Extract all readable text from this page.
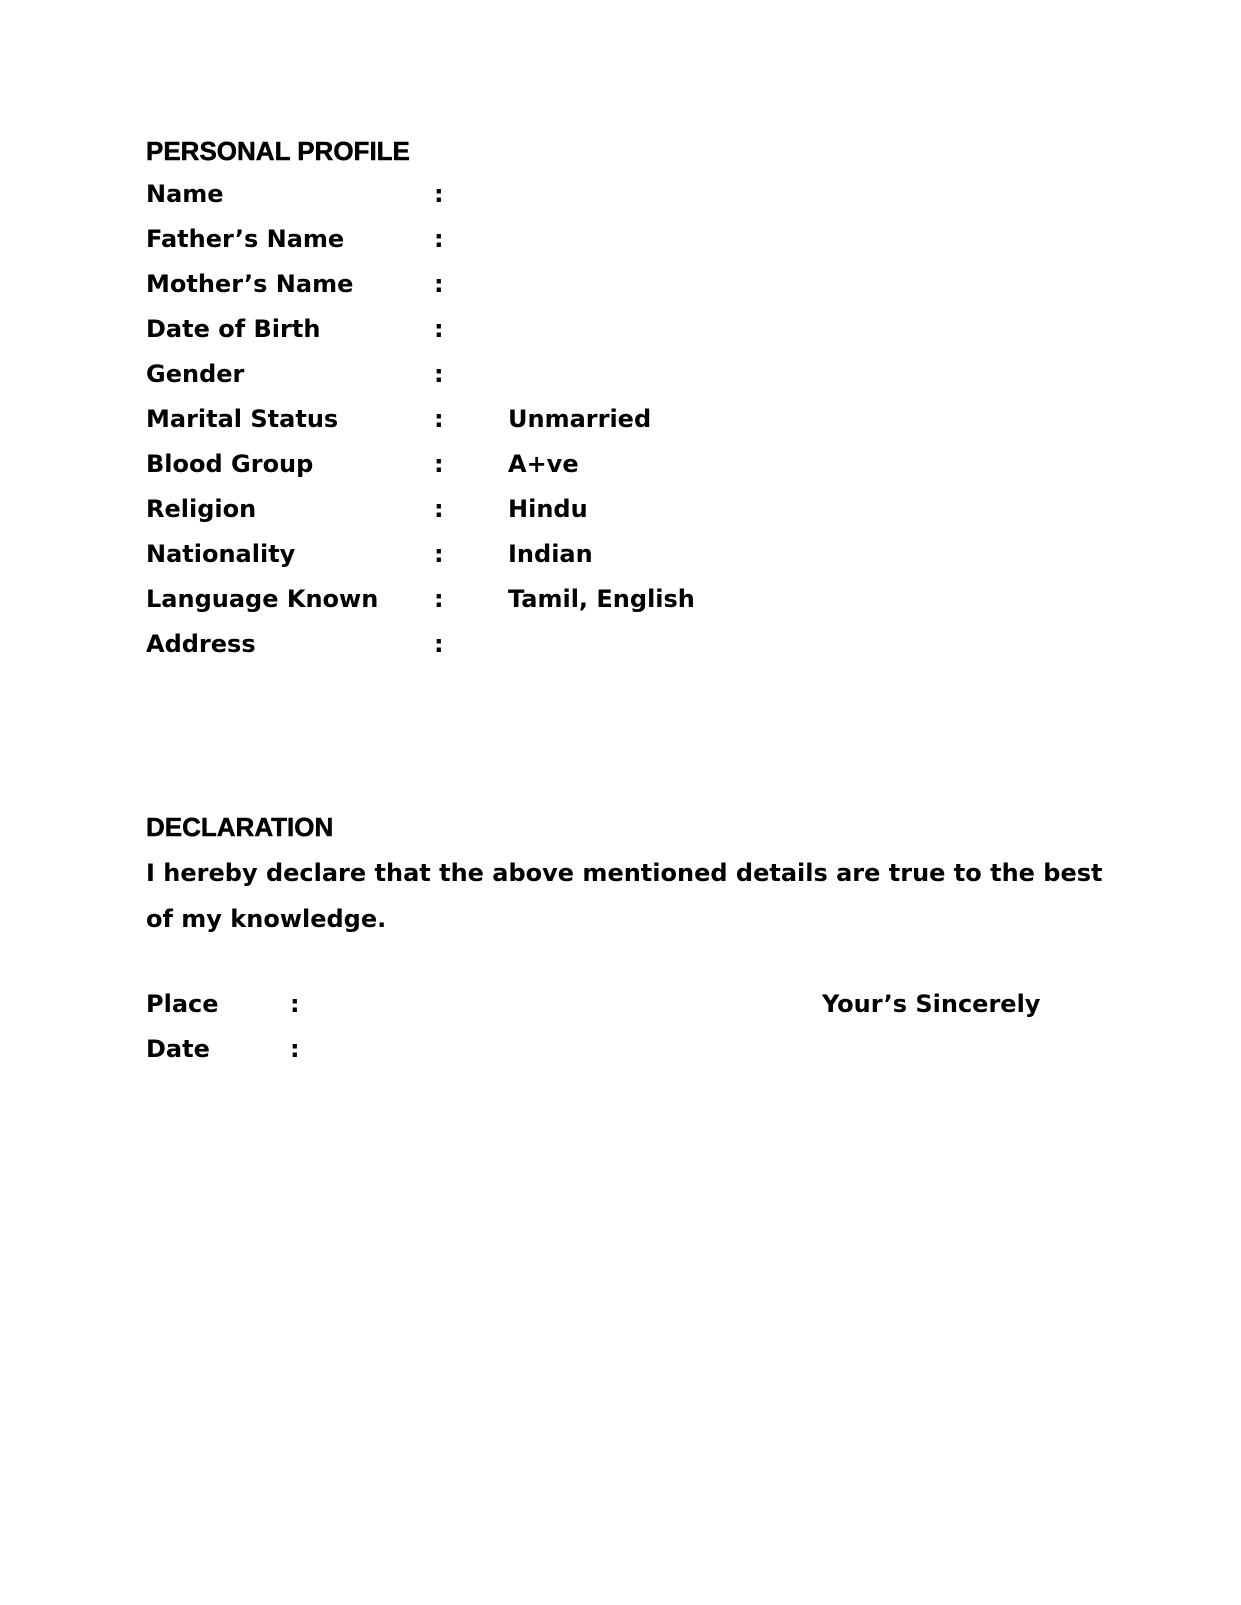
PERSONAL PROFILE
Name	:
Father’s Name	:
Mother’s Name	:
Date of Birth	:
Gender	:
Marital Status	:	Unmarried
Blood Group	:	A+ve
Religion	:	Hindu
Nationality	:	Indian
Language Known :	Tamil, English
Address	:
DECLARATION
I hereby declare that the above mentioned details are true to the best of my knowledge.
Place	:	Your’s Sincerely
Date	:
